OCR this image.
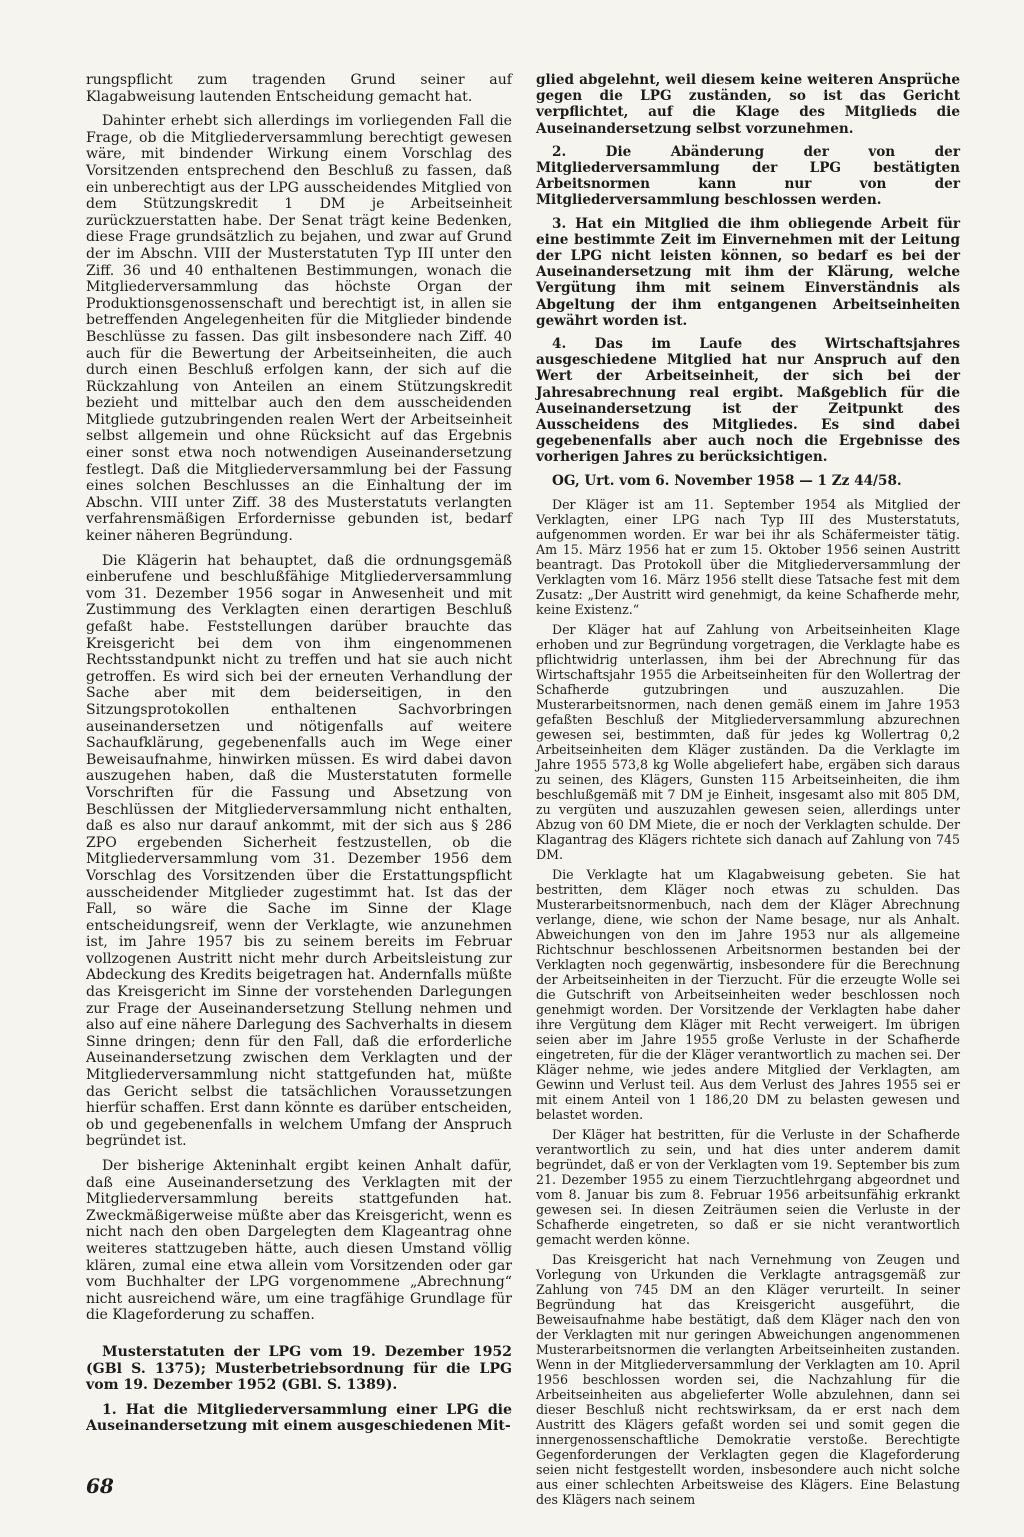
rungspflicht zum tragenden Grund seiner auf Klagabweisung lautenden Entscheidung gemacht hat.

Dahinter erhebt sich allerdings im vorliegenden Fall die Frage, ob die Mitgliederversammlung berechtigt gewesen wäre, mit bindender Wirkung einem Vorschlag des Vorsitzenden entsprechend den Beschluß zu fassen, daß ein unberechtigt aus der LPG ausscheidendes Mitglied von dem Stützungskredit 1 DM je Arbeitseinheit zurückzuerstatten habe. Der Senat trägt keine Bedenken, diese Frage grundsätzlich zu bejahen, und zwar auf Grund der im Abschn. VIII der Musterstatuten Typ III unter den Ziff. 36 und 40 enthaltenen Bestimmungen, wonach die Mitgliederversammlung das höchste Organ der Produktionsgenossenschaft und berechtigt ist, in allen sie betreffenden Angelegenheiten für die Mitglieder bindende Beschlüsse zu fassen. Das gilt insbesondere nach Ziff. 40 auch für die Bewertung der Arbeitseinheiten, die auch durch einen Beschluß erfolgen kann, der sich auf die Rückzahlung von Anteilen an einem Stützungskredit bezieht und mittelbar auch den dem ausscheidenden Mitgliede gutzubringenden realen Wert der Arbeitseinheit selbst allgemein und ohne Rücksicht auf das Ergebnis einer sonst etwa noch notwendigen Auseinandersetzung festlegt. Daß die Mitgliederversammlung bei der Fassung eines solchen Beschlusses an die Einhaltung der im Abschn. VIII unter Ziff. 38 des Musterstatuts verlangten verfahrensmäßigen Erfordernisse gebunden ist, bedarf keiner näheren Begründung.

Die Klägerin hat behauptet, daß die ordnungsgemäß einberufene und beschlußfähige Mitgliederversammlung vom 31. Dezember 1956 sogar in Anwesenheit und mit Zustimmung des Verklagten einen derartigen Beschluß gefaßt habe. Feststellungen darüber brauchte das Kreisgericht bei dem von ihm eingenommenen Rechtsstandpunkt nicht zu treffen und hat sie auch nicht getroffen. Es wird sich bei der erneuten Verhandlung der Sache aber mit dem beiderseitigen, in den Sitzungsprotokollen enthaltenen Sachvorbringen auseinandersetzen und nötigenfalls auf weitere Sachaufklärung, gegebenenfalls auch im Wege einer Beweisaufnahme, hinwirken müssen. Es wird dabei davon auszugehen haben, daß die Musterstatuten formelle Vorschriften für die Fassung und Absetzung von Beschlüssen der Mitgliederversammlung nicht enthalten, daß es also nur darauf ankommt, mit der sich aus § 286 ZPO ergebenden Sicherheit festzustellen, ob die Mitgliederversammlung vom 31. Dezember 1956 dem Vorschlag des Vorsitzenden über die Erstattungspflicht ausscheidender Mitglieder zugestimmt hat. Ist das der Fall, so wäre die Sache im Sinne der Klage entscheidungsreif, wenn der Verklagte, wie anzunehmen ist, im Jahre 1957 bis zu seinem bereits im Februar vollzogenen Austritt nicht mehr durch Arbeitsleistung zur Abdeckung des Kredits beigetragen hat. Andernfalls müßte das Kreisgericht im Sinne der vorstehenden Darlegungen zur Frage der Auseinandersetzung Stellung nehmen und also auf eine nähere Darlegung des Sachverhalts in diesem Sinne dringen; denn für den Fall, daß die erforderliche Auseinandersetzung zwischen dem Verklagten und der Mitgliederversammlung nicht stattgefunden hat, müßte das Gericht selbst die tatsächlichen Voraussetzungen hierfür schaffen. Erst dann könnte es darüber entscheiden, ob und gegebenenfalls in welchem Umfang der Anspruch begründet ist.

Der bisherige Akteninhalt ergibt keinen Anhalt dafür, daß eine Auseinandersetzung des Verklagten mit der Mitgliederversammlung bereits stattgefunden hat. Zweckmäßigerweise müßte aber das Kreisgericht, wenn es nicht nach den oben Dargelegten dem Klageantrag ohne weiteres stattzugeben hätte, auch diesen Umstand völlig klären, zumal eine etwa allein vom Vorsitzenden oder gar vom Buchhalter der LPG vorgenommene „Abrechnung“ nicht ausreichend wäre, um eine tragfähige Grundlage für die Klageforderung zu schaffen.

Musterstatuten der LPG vom 19. Dezember 1952 (GBl S. 1375); Musterbetriebsordnung für die LPG vom 19. Dezember 1952 (GBl. S. 1389).

1. Hat die Mitgliederversammlung einer LPG die Auseinandersetzung mit einem ausgeschiedenen Mit-

glied abgelehnt, weil diesem keine weiteren Ansprüche gegen die LPG zuständen, so ist das Gericht verpflichtet, auf die Klage des Mitglieds die Auseinandersetzung selbst vorzunehmen.

2. Die Abänderung der von der Mitgliederversammlung der LPG bestätigten Arbeitsnormen kann nur von der Mitgliederversammlung beschlossen werden.

3. Hat ein Mitglied die ihm obliegende Arbeit für eine bestimmte Zeit im Einvernehmen mit der Leitung der LPG nicht leisten können, so bedarf es bei der Auseinandersetzung mit ihm der Klärung, welche Vergütung ihm mit seinem Einverständnis als Abgeltung der ihm entgangenen Arbeitseinheiten gewährt worden ist.

4. Das im Laufe des Wirtschaftsjahres ausgeschiedene Mitglied hat nur Anspruch auf den Wert der Arbeitseinheit, der sich bei der Jahresabrechnung real ergibt. Maßgeblich für die Auseinandersetzung ist der Zeitpunkt des Ausscheidens des Mitgliedes. Es sind dabei gegebenenfalls aber auch noch die Ergebnisse des vorherigen Jahres zu berücksichtigen.

OG, Urt. vom 6. November 1958 — 1 Zz 44/58.

Der Kläger ist am 11. September 1954 als Mitglied der Verklagten, einer LPG nach Typ III des Musterstatuts, aufgenommen worden. Er war bei ihr als Schäfermeister tätig. Am 15. März 1956 hat er zum 15. Oktober 1956 seinen Austritt beantragt. Das Protokoll über die Mitgliederversammlung der Verklagten vom 16. März 1956 stellt diese Tatsache fest mit dem Zusatz: „Der Austritt wird genehmigt, da keine Schafherde mehr, keine Existenz.“

Der Kläger hat auf Zahlung von Arbeitseinheiten Klage erhoben und zur Begründung vorgetragen, die Verklagte habe es pflichtwidrig unterlassen, ihm bei der Abrechnung für das Wirtschaftsjahr 1955 die Arbeitseinheiten für den Wollertrag der Schafherde gutzubringen und auszuzahlen. Die Musterarbeitsnormen, nach denen gemäß einem im Jahre 1953 gefaßten Beschluß der Mitgliederversammlung abzurechnen gewesen sei, bestimmten, daß für jedes kg Wollertrag 0,2 Arbeitseinheiten dem Kläger zuständen. Da die Verklagte im Jahre 1955 573,8 kg Wolle abgeliefert habe, ergäben sich daraus zu seinen, des Klägers, Gunsten 115 Arbeitseinheiten, die ihm beschlußgemäß mit 7 DM je Einheit, insgesamt also mit 805 DM, zu vergüten und auszuzahlen gewesen seien, allerdings unter Abzug von 60 DM Miete, die er noch der Verklagten schulde. Der Klagantrag des Klägers richtete sich danach auf Zahlung von 745 DM.

Die Verklagte hat um Klagabweisung gebeten. Sie hat bestritten, dem Kläger noch etwas zu schulden. Das Musterarbeitsnormenbuch, nach dem der Kläger Abrechnung verlange, diene, wie schon der Name besage, nur als Anhalt. Abweichungen von den im Jahre 1953 nur als allgemeine Richtschnur beschlossenen Arbeitsnormen bestanden bei der Verklagten noch gegenwärtig, insbesondere für die Berechnung der Arbeitseinheiten in der Tierzucht. Für die erzeugte Wolle sei die Gutschrift von Arbeitseinheiten weder beschlossen noch genehmigt worden. Der Vorsitzende der Verklagten habe daher ihre Vergütung dem Kläger mit Recht verweigert. Im übrigen seien aber im Jahre 1955 große Verluste in der Schafherde eingetreten, für die der Kläger verantwortlich zu machen sei. Der Kläger nehme, wie jedes andere Mitglied der Verklagten, am Gewinn und Verlust teil. Aus dem Verlust des Jahres 1955 sei er mit einem Anteil von 1 186,20 DM zu belasten gewesen und belastet worden.

Der Kläger hat bestritten, für die Verluste in der Schafherde verantwortlich zu sein, und hat dies unter anderem damit begründet, daß er von der Verklagten vom 19. September bis zum 21. Dezember 1955 zu einem Tierzuchtlehrgang abgeordnet und vom 8. Januar bis zum 8. Februar 1956 arbeitsunfähig erkrankt gewesen sei. In diesen Zeiträumen seien die Verluste in der Schafherde eingetreten, so daß er sie nicht verantwortlich gemacht werden könne.

Das Kreisgericht hat nach Vernehmung von Zeugen und Vorlegung von Urkunden die Verklagte antragsgemäß zur Zahlung von 745 DM an den Kläger verurteilt. In seiner Begründung hat das Kreisgericht ausgeführt, die Beweisaufnahme habe bestätigt, daß dem Kläger nach den von der Verklagten mit nur geringen Abweichungen angenommenen Musterarbeitsnormen die verlangten Arbeitseinheiten zustanden. Wenn in der Mitgliederversammlung der Verklagten am 10. April 1956 beschlossen worden sei, die Nachzahlung für die Arbeitseinheiten aus abgelieferter Wolle abzulehnen, dann sei dieser Beschluß nicht rechtswirksam, da er erst nach dem Austritt des Klägers gefaßt worden sei und somit gegen die innergenossenschaftliche Demokratie verstoße. Berechtigte Gegenforderungen der Verklagten gegen die Klageforderung seien nicht festgestellt worden, insbesondere auch nicht solche aus einer schlechten Arbeitsweise des Klägers. Eine Belastung des Klägers nach seinem

68
